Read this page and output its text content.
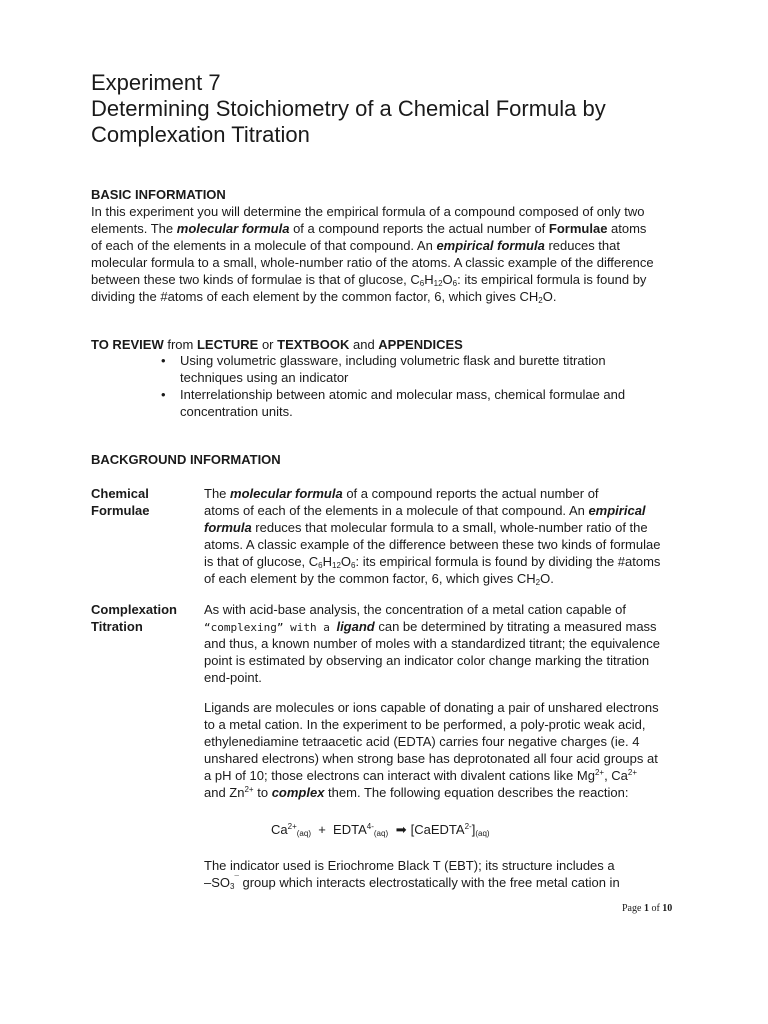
Experiment 7
Determining Stoichiometry of a Chemical Formula by
Complexation Titration
BASIC INFORMATION
In this experiment you will determine the empirical formula of a compound composed of only two
elements. The molecular formula of a compound reports the actual number of Formulae atoms
of each of the elements in a molecule of that compound. An empirical formula reduces that
molecular formula to a small, whole-number ratio of the atoms. A classic example of the difference
between these two kinds of formulae is that of glucose, $C_6H_{12}O_6$: its empirical formula is found by
dividing the #atoms of each element by the common factor, 6, which gives $CH_2O$.
TO REVIEW from LECTURE or TEXTBOOK and APPENDICES
• Using volumetric glassware, including volumetric flask and burette titration
techniques using an indicator
• Interrelationship between atomic and molecular mass, chemical formulae and
concentration units.
BACKGROUND INFORMATION
Chemical
Formulae
The molecular formula of a compound reports the actual number of
atoms of each of the elements in a molecule of that compound. An empirical
formula reduces that molecular formula to a small, whole-number ratio of the
atoms. A classic example of the difference between these two kinds of formulae
is that of glucose, $C_6H_{12}O_6$: its empirical formula is found by dividing the #atoms
of each element by the common factor, 6, which gives $CH_2O$.
Complexation
Titration
As with acid-base analysis, the concentration of a metal cation capable of
“complexing” with a ligand can be determined by titrating a measured mass
and thus, a known number of moles with a standardized titrant; the equivalence
point is estimated by observing an indicator color change marking the titration
end-point.
Ligands are molecules or ions capable of donating a pair of unshared electrons
to a metal cation. In the experiment to be performed, a poly-protic weak acid,
ethylenediamine tetraacetic acid (EDTA) carries four negative charges (ie. 4
unshared electrons) when strong base has deprotonated all four acid groups at
a pH of 10; those electrons can interact with divalent cations like $Mg^{2+}$, $Ca^{2+}$
and $Zn^{2+}$ to complex them. The following equation describes the reaction:
$Ca^{2+}_{(aq)}$  +  $EDTA^{4-}_{(aq)}$ ➡ $[CaEDTA^{2-}]_{(aq)}$
The indicator used is Eriochrome Black T (EBT); its structure includes a
$-SO_3^¯$ group which interacts electrostatically with the free metal cation in
Page 1 of 10
